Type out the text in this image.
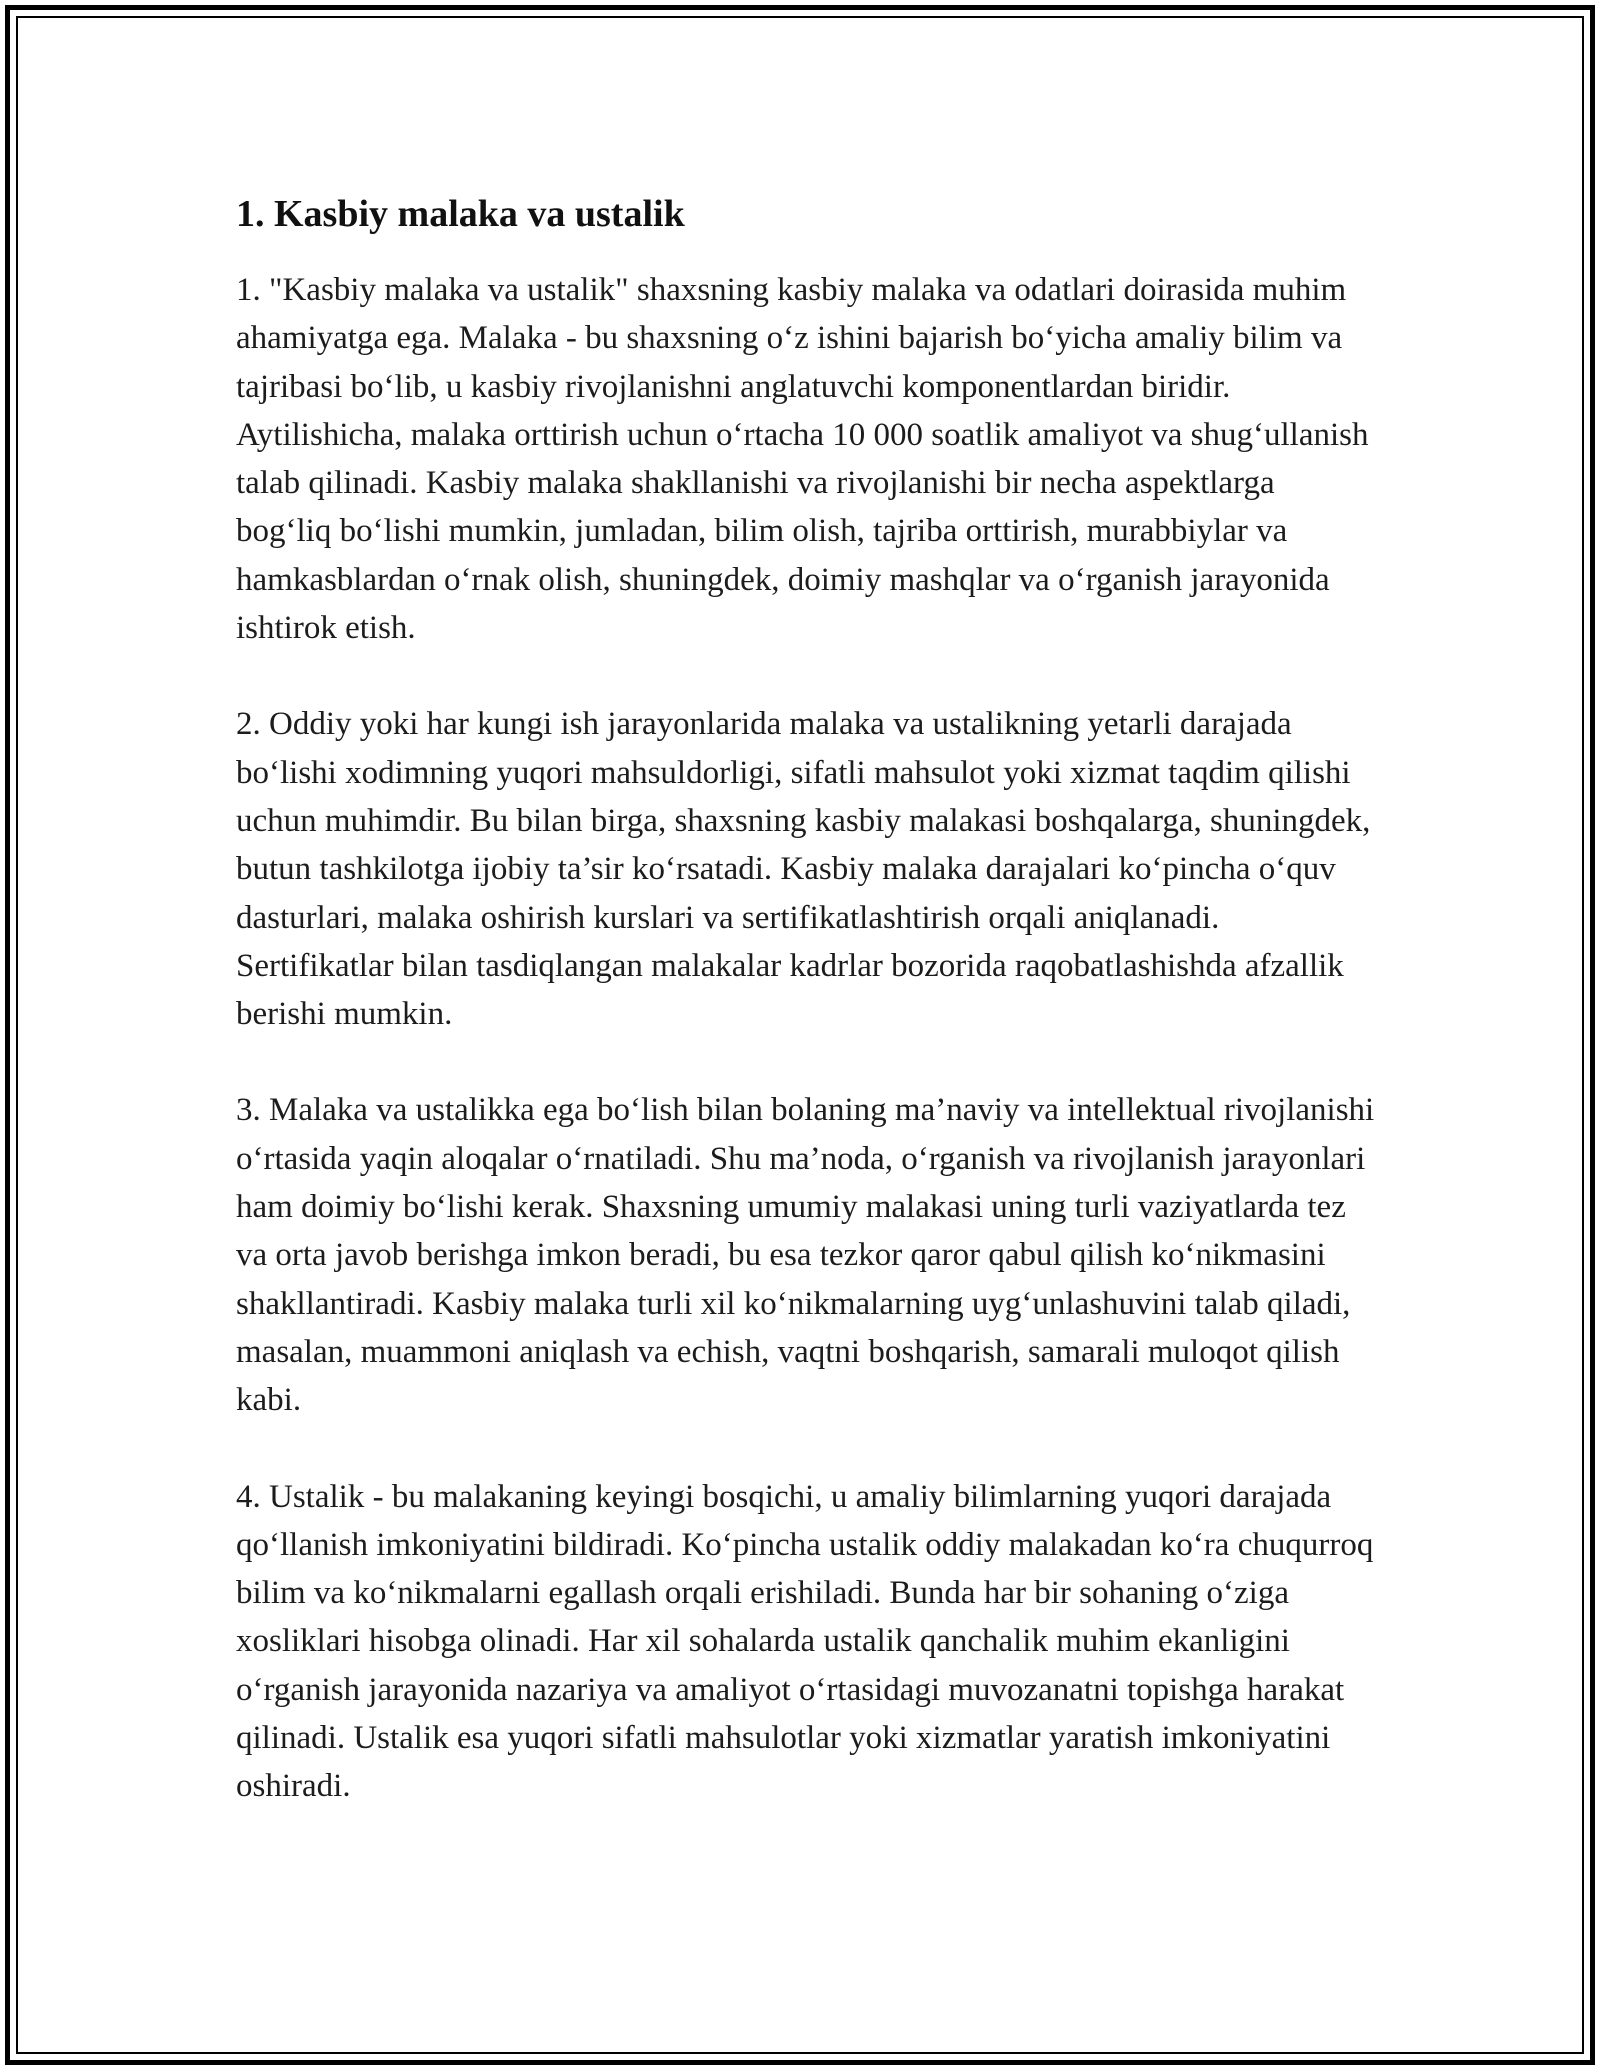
1. Kasbiy malaka va ustalik

1. "Kasbiy malaka va ustalik" shaxsning kasbiy malaka va odatlari doirasida muhim ahamiyatga ega. Malaka - bu shaxsning o‘z ishini bajarish bo‘yicha amaliy bilim va tajribasi bo‘lib, u kasbiy rivojlanishni anglatuvchi komponentlardan biridir. Aytilishicha, malaka orttirish uchun o‘rtacha 10 000 soatlik amaliyot va shug‘ullanish talab qilinadi. Kasbiy malaka shakllanishi va rivojlanishi bir necha aspektlarga bog‘liq bo‘lishi mumkin, jumladan, bilim olish, tajriba orttirish, murabbiylar va hamkasblardan o‘rnak olish, shuningdek, doimiy mashqlar va o‘rganish jarayonida ishtirok etish.

2. Oddiy yoki har kungi ish jarayonlarida malaka va ustalikning yetarli darajada bo‘lishi xodimning yuqori mahsuldorligi, sifatli mahsulot yoki xizmat taqdim qilishi uchun muhimdir. Bu bilan birga, shaxsning kasbiy malakasi boshqalarga, shuningdek, butun tashkilotga ijobiy ta’sir ko‘rsatadi. Kasbiy malaka darajalari ko‘pincha o‘quv dasturlari, malaka oshirish kurslari va sertifikatlashtirish orqali aniqlanadi. Sertifikatlar bilan tasdiqlangan malakalar kadrlar bozorida raqobatlashishda afzallik berishi mumkin.

3. Malaka va ustalikka ega bo‘lish bilan bolaning ma’naviy va intellektual rivojlanishi o‘rtasida yaqin aloqalar o‘rnatiladi. Shu ma’noda, o‘rganish va rivojlanish jarayonlari ham doimiy bo‘lishi kerak. Shaxsning umumiy malakasi uning turli vaziyatlarda tez va orta javob berishga imkon beradi, bu esa tezkor qaror qabul qilish ko‘nikmasini shakllantiradi. Kasbiy malaka turli xil ko‘nikmalarning uyg‘unlashuvini talab qiladi, masalan, muammoni aniqlash va echish, vaqtni boshqarish, samarali muloqot qilish kabi.

4. Ustalik - bu malakaning keyingi bosqichi, u amaliy bilimlarning yuqori darajada qo‘llanish imkoniyatini bildiradi. Ko‘pincha ustalik oddiy malakadan ko‘ra chuqurroq bilim va ko‘nikmalarni egallash orqali erishiladi. Bunda har bir sohaning o‘ziga xosliklari hisobga olinadi. Har xil sohalarda ustalik qanchalik muhim ekanligini o‘rganish jarayonida nazariya va amaliyot o‘rtasidagi muvozanatni topishga harakat qilinadi. Ustalik esa yuqori sifatli mahsulotlar yoki xizmatlar yaratish imkoniyatini oshiradi.
